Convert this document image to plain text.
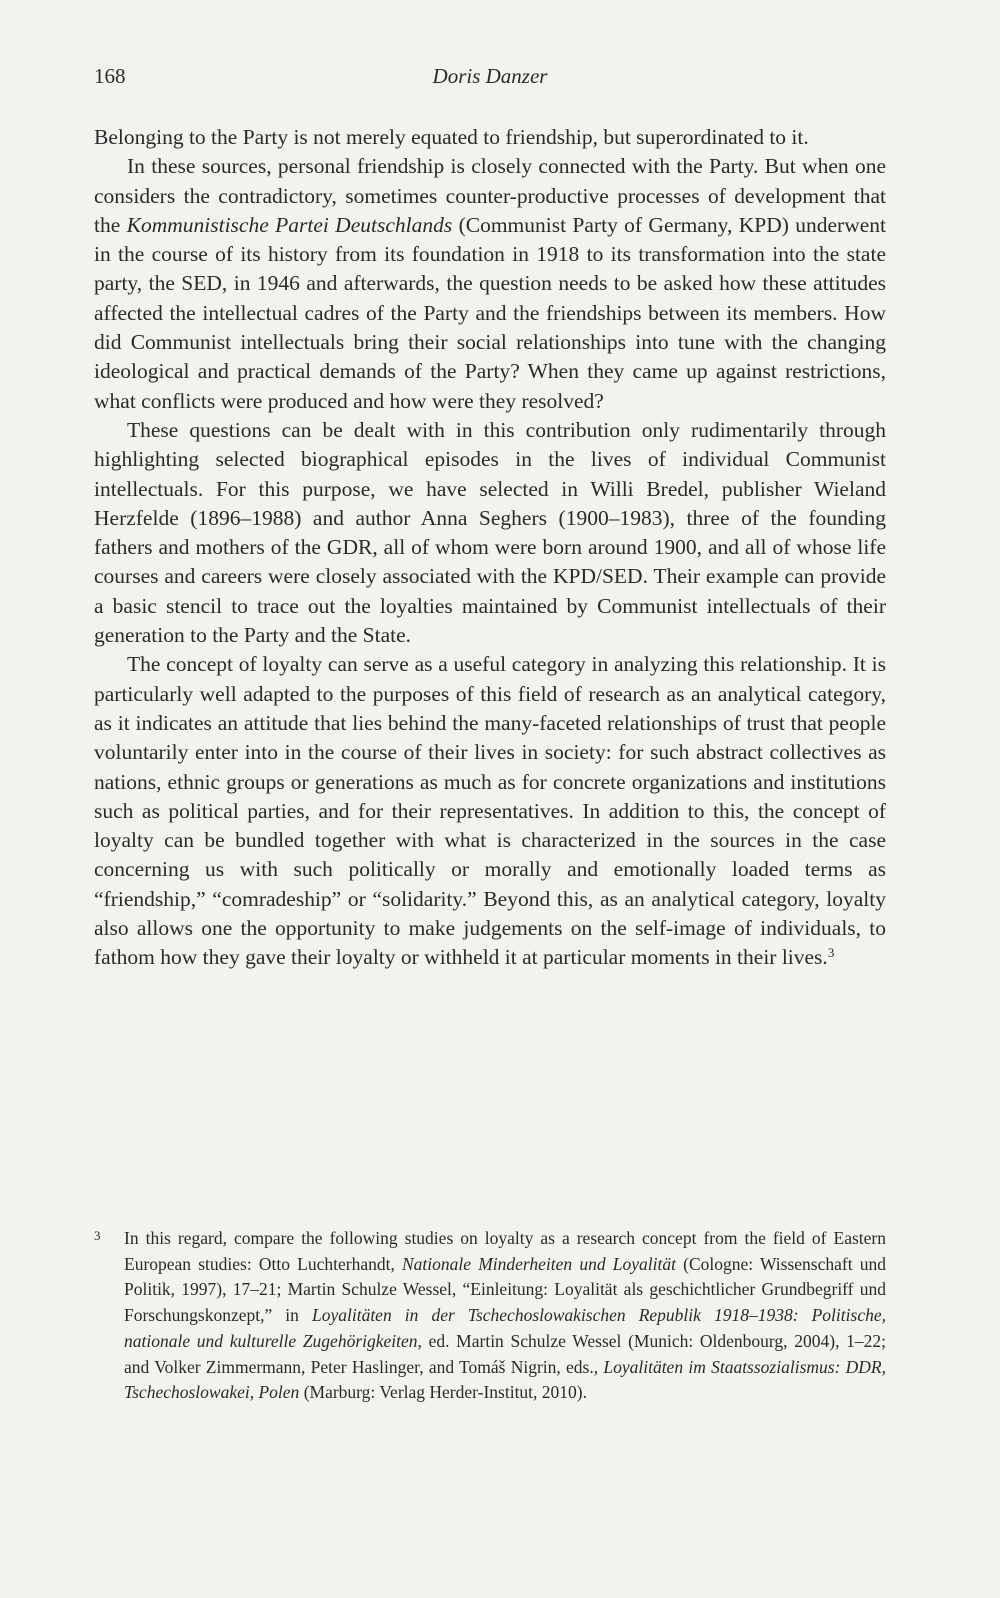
168	Doris Danzer

Belonging to the Party is not merely equated to friendship, but superordinated to it.

In these sources, personal friendship is closely connected with the Party. But when one considers the contradictory, sometimes counter-productive processes of development that the Kommunistische Partei Deutschlands (Communist Party of Germany, KPD) underwent in the course of its history from its foundation in 1918 to its transformation into the state party, the SED, in 1946 and afterwards, the question needs to be asked how these attitudes affected the intellectual cadres of the Party and the friendships between its members. How did Communist intellectuals bring their social relationships into tune with the changing ideological and practical demands of the Party? When they came up against restrictions, what conflicts were produced and how were they resolved?

These questions can be dealt with in this contribution only rudimentarily through highlighting selected biographical episodes in the lives of individual Communist intellectuals. For this purpose, we have selected in Willi Bredel, publisher Wieland Herzfelde (1896–1988) and author Anna Seghers (1900–1983), three of the founding fathers and mothers of the GDR, all of whom were born around 1900, and all of whose life courses and careers were closely associated with the KPD/SED. Their example can provide a basic stencil to trace out the loyalties maintained by Communist intellectuals of their generation to the Party and the State.

The concept of loyalty can serve as a useful category in analyzing this relationship. It is particularly well adapted to the purposes of this field of research as an analytical category, as it indicates an attitude that lies behind the many-faceted relationships of trust that people voluntarily enter into in the course of their lives in society: for such abstract collectives as nations, ethnic groups or generations as much as for concrete organizations and institutions such as political parties, and for their representatives. In addition to this, the concept of loyalty can be bundled together with what is characterized in the sources in the case concerning us with such politically or morally and emotionally loaded terms as “friendship,” “comradeship” or “solidarity.” Beyond this, as an analytical category, loyalty also allows one the opportunity to make judgements on the self-image of individuals, to fathom how they gave their loyalty or withheld it at particular moments in their lives.$^3$

3 In this regard, compare the following studies on loyalty as a research concept from the field of Eastern European studies: Otto Luchterhandt, Nationale Minderheiten und Loyalität (Cologne: Wissenschaft und Politik, 1997), 17–21; Martin Schulze Wessel, “Einleitung: Loyalität als geschichtlicher Grundbegriff und Forschungskonzept,” in Loyalitäten in der Tschechoslowakischen Republik 1918–1938: Politische, nationale und kulturelle Zugehörigkeiten, ed. Martin Schulze Wessel (Munich: Oldenbourg, 2004), 1–22; and Volker Zimmermann, Peter Haslinger, and Tomáš Nigrin, eds., Loyalitäten im Staatssozialismus: DDR, Tschechoslowakei, Polen (Marburg: Verlag Herder-Institut, 2010).
